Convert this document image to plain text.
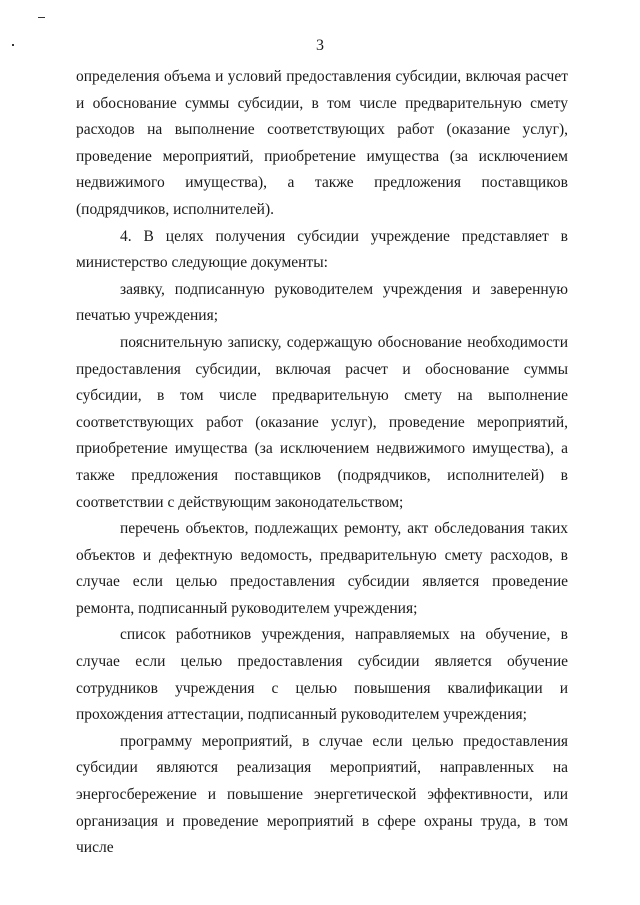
3

определения объема и условий предоставления субсидии, включая расчет и обоснование суммы субсидии, в том числе предварительную смету расходов на выполнение соответствующих работ (оказание услуг), проведение мероприятий, приобретение имущества (за исключением недвижимого имущества), а также предложения поставщиков (подрядчиков, исполнителей).

4. В целях получения субсидии учреждение представляет в министерство следующие документы:

заявку, подписанную руководителем учреждения и заверенную печатью учреждения;

пояснительную записку, содержащую обоснование необходимости предоставления субсидии, включая расчет и обоснование суммы субсидии, в том числе предварительную смету на выполнение соответствующих работ (оказание услуг), проведение мероприятий, приобретение имущества (за исключением недвижимого имущества), а также предложения поставщиков (подрядчиков, исполнителей) в соответствии с действующим законодательством;

перечень объектов, подлежащих ремонту, акт обследования таких объектов и дефектную ведомость, предварительную смету расходов, в случае если целью предоставления субсидии является проведение ремонта, подписанный руководителем учреждения;

список работников учреждения, направляемых на обучение, в случае если целью предоставления субсидии является обучение сотрудников учреждения с целью повышения квалификации и прохождения аттестации, подписанный руководителем учреждения;

программу мероприятий, в случае если целью предоставления субсидии являются реализация мероприятий, направленных на энергосбережение и повышение энергетической эффективности, или организация и проведение мероприятий в сфере охраны труда, в том числе
